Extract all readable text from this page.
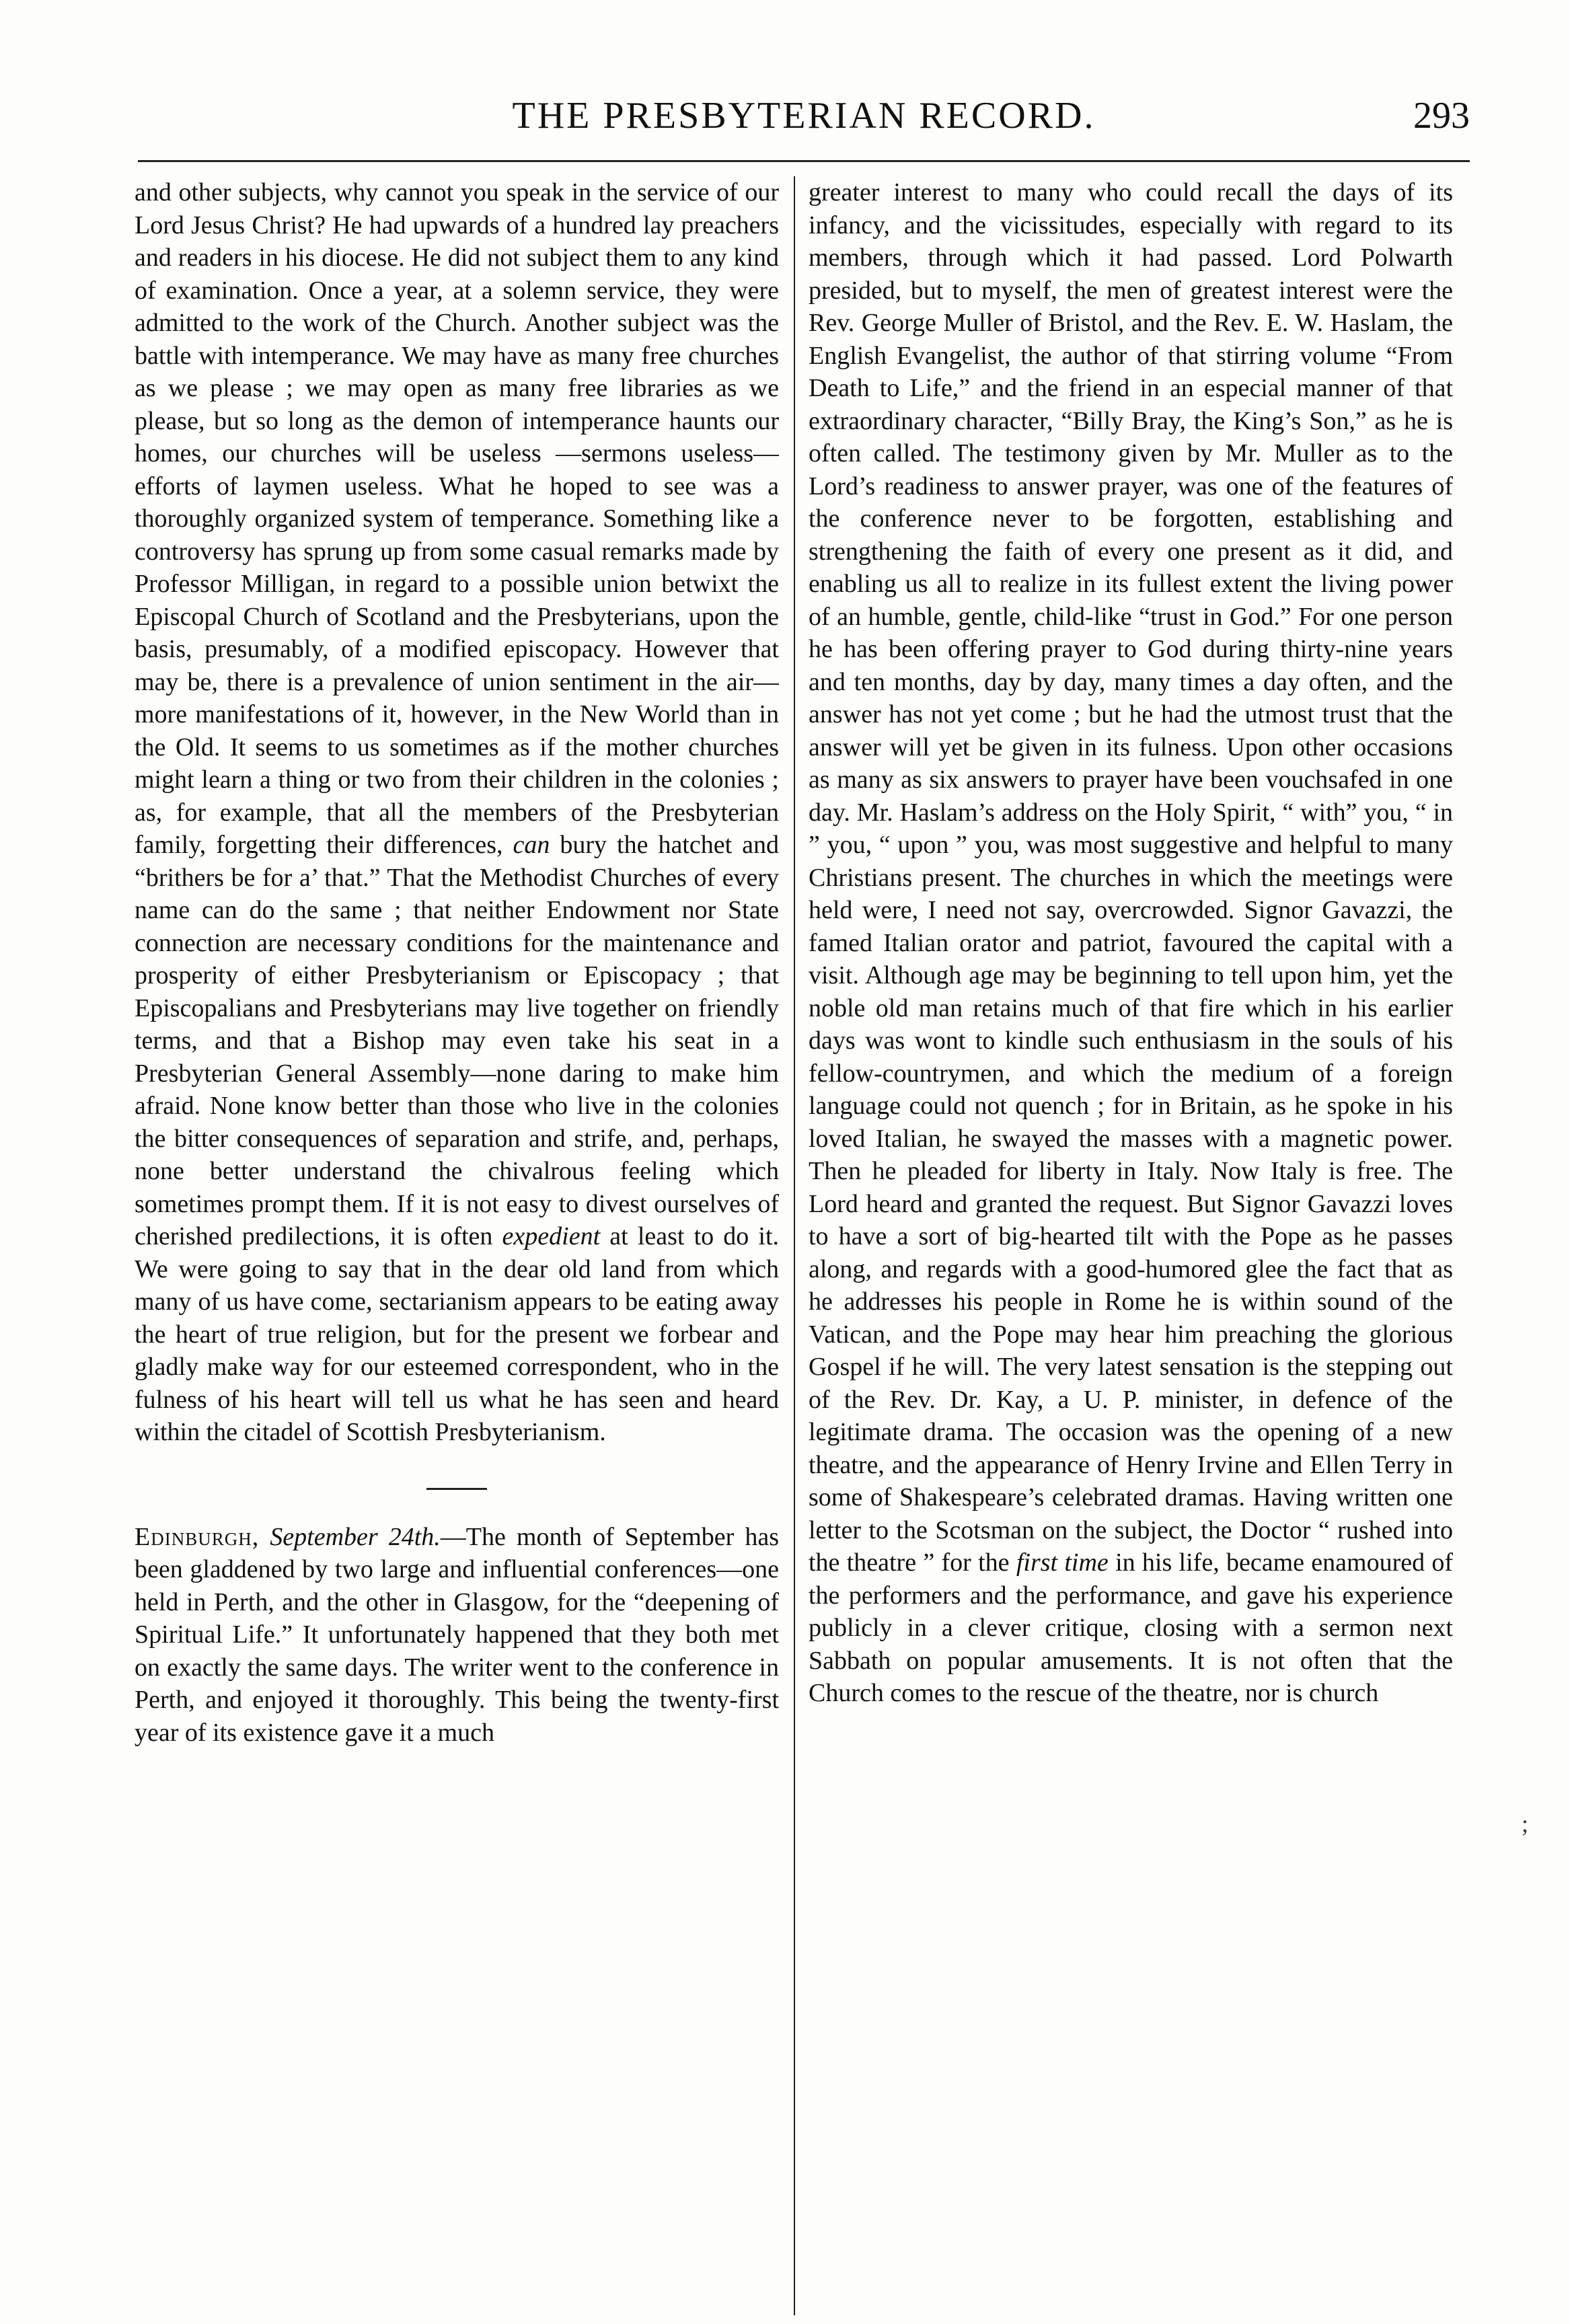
THE PRESBYTERIAN RECORD.	293

and other subjects, why cannot you speak in the service of our Lord Jesus Christ? He had upwards of a hundred lay preachers and readers in his diocese. He did not subject them to any kind of examination. Once a year, at a solemn service, they were admitted to the work of the Church. Another subject was the battle with intemperance. We may have as many free churches as we please ; we may open as many free libraries as we please, but so long as the demon of intemperance haunts our homes, our churches will be useless —sermons useless—efforts of laymen useless. What he hoped to see was a thoroughly organized system of temperance. Something like a controversy has sprung up from some casual remarks made by Professor Milligan, in regard to a possible union betwixt the Episcopal Church of Scotland and the Presbyterians, upon the basis, presumably, of a modified episcopacy. However that may be, there is a prevalence of union sentiment in the air— more manifestations of it, however, in the New World than in the Old. It seems to us sometimes as if the mother churches might learn a thing or two from their children in the colonies ; as, for example, that all the members of the Presbyterian family, forgetting their differences, can bury the hatchet and “brithers be for a’ that.” That the Methodist Churches of every name can do the same ; that neither Endowment nor State connection are necessary conditions for the maintenance and prosperity of either Presbyterianism or Episcopacy ; that Episcopalians and Presbyterians may live together on friendly terms, and that a Bishop may even take his seat in a Presbyterian General Assembly—none daring to make him afraid. None know better than those who live in the colonies the bitter consequences of separation and strife, and, perhaps, none better understand the chivalrous feeling which sometimes prompt them. If it is not easy to divest ourselves of cherished predilections, it is often expedient at least to do it. We were going to say that in the dear old land from which many of us have come, sectarianism appears to be eating away the heart of true religion, but for the present we forbear and gladly make way for our esteemed correspondent, who in the fulness of his heart will tell us what he has seen and heard within the citadel of Scottish Presbyterianism.

Edinburgh, September 24th.—The month of September has been gladdened by two large and influential conferences—one held in Perth, and the other in Glasgow, for the “deepening of Spiritual Life.” It unfortunately happened that they both met on exactly the same days. The writer went to the conference in Perth, and enjoyed it thoroughly. This being the twenty-first year of its existence gave it a much

greater interest to many who could recall the days of its infancy, and the vicissitudes, especially with regard to its members, through which it had passed. Lord Polwarth presided, but to myself, the men of greatest interest were the Rev. George Muller of Bristol, and the Rev. E. W. Haslam, the English Evangelist, the author of that stirring volume “From Death to Life,” and the friend in an especial manner of that extraordinary character, “Billy Bray, the King’s Son,” as he is often called. The testimony given by Mr. Muller as to the Lord’s readiness to answer prayer, was one of the features of the conference never to be forgotten, establishing and strengthening the faith of every one present as it did, and enabling us all to realize in its fullest extent the living power of an humble, gentle, child-like “trust in God.” For one person he has been offering prayer to God during thirty-nine years and ten months, day by day, many times a day often, and the answer has not yet come ; but he had the utmost trust that the answer will yet be given in its fulness. Upon other occasions as many as six answers to prayer have been vouchsafed in one day. Mr. Haslam’s address on the Holy Spirit, “ with” you, “ in ” you, “ upon ” you, was most suggestive and helpful to many Christians present. The churches in which the meetings were held were, I need not say, overcrowded. Signor Gavazzi, the famed Italian orator and patriot, favoured the capital with a visit. Although age may be beginning to tell upon him, yet the noble old man retains much of that fire which in his earlier days was wont to kindle such enthusiasm in the souls of his fellow-countrymen, and which the medium of a foreign language could not quench ; for in Britain, as he spoke in his loved Italian, he swayed the masses with a magnetic power. Then he pleaded for liberty in Italy. Now Italy is free. The Lord heard and granted the request. But Signor Gavazzi loves to have a sort of big-hearted tilt with the Pope as he passes along, and regards with a good-humored glee the fact that as he addresses his people in Rome he is within sound of the Vatican, and the Pope may hear him preaching the glorious Gospel if he will. The very latest sensation is the stepping out of the Rev. Dr. Kay, a U. P. minister, in defence of the legitimate drama. The occasion was the opening of a new theatre, and the appearance of Henry Irvine and Ellen Terry in some of Shakespeare’s celebrated dramas. Having written one letter to the Scotsman on the subject, the Doctor “ rushed into the theatre ” for the first time in his life, became enamoured of the performers and the performance, and gave his experience publicly in a clever critique, closing with a sermon next Sabbath on popular amusements. It is not often that the Church comes to the rescue of the theatre, nor is church

;
